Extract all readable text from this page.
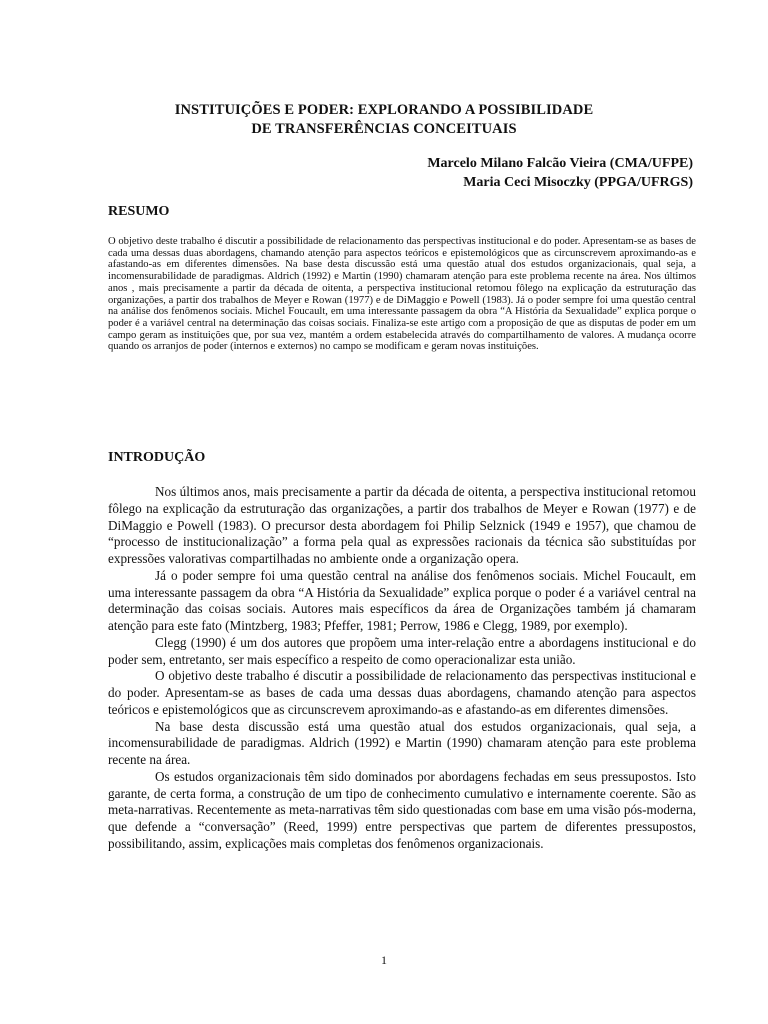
INSTITUIÇÕES E PODER: EXPLORANDO A POSSIBILIDADE
DE TRANSFERÊNCIAS CONCEITUAIS
Marcelo Milano Falcão Vieira (CMA/UFPE)
Maria Ceci Misoczky (PPGA/UFRGS)
RESUMO

O objetivo deste trabalho é discutir a possibilidade de relacionamento das perspectivas institucional e do poder. Apresentam-se as bases de cada uma dessas duas abordagens, chamando atenção para aspectos teóricos e epistemológicos que as circunscrevem aproximando-as e afastando-as em diferentes dimensões. Na base desta discussão está uma questão atual dos estudos organizacionais, qual seja, a incomensurabilidade de paradigmas. Aldrich (1992) e Martin (1990) chamaram atenção para este problema recente na área. Nos últimos anos , mais precisamente a partir da década de oitenta, a perspectiva institucional retomou fôlego na explicação da estruturação das organizações, a partir dos trabalhos de Meyer e Rowan (1977) e de DiMaggio e Powell (1983). Já o poder sempre foi uma questão central na análise dos fenômenos sociais. Michel Foucault, em uma interessante passagem da obra “A História da Sexualidade” explica porque o poder é a variável central na determinação das coisas sociais. Finaliza-se este artigo com a proposição de que as disputas de poder em um campo geram as instituições que, por sua vez, mantém a ordem estabelecida através do compartilhamento de valores. A mudança ocorre quando os arranjos de poder (internos e externos) no campo se modificam e geram novas instituições.

INTRODUÇÃO

Nos últimos anos, mais precisamente a partir da década de oitenta, a perspectiva institucional retomou fôlego na explicação da estruturação das organizações, a partir dos trabalhos de Meyer e Rowan (1977) e de DiMaggio e Powell (1983). O precursor desta abordagem foi Philip Selznick (1949 e 1957), que chamou de “processo de institucionalização” a forma pela qual as expressões racionais da técnica são substituídas por expressões valorativas compartilhadas no ambiente onde a organização opera.

Já o poder sempre foi uma questão central na análise dos fenômenos sociais. Michel Foucault, em uma interessante passagem da obra “A História da Sexualidade” explica porque o poder é a variável central na determinação das coisas sociais. Autores mais específicos da área de Organizações também já chamaram atenção para este fato (Mintzberg, 1983; Pfeffer, 1981; Perrow, 1986 e Clegg, 1989, por exemplo).

Clegg (1990) é um dos autores que propõem uma inter-relação entre a abordagens institucional e do poder sem, entretanto, ser mais específico a respeito de como operacionalizar esta união.

O objetivo deste trabalho é discutir a possibilidade de relacionamento das perspectivas institucional e do poder. Apresentam-se as bases de cada uma dessas duas abordagens, chamando atenção para aspectos teóricos e epistemológicos que as circunscrevem aproximando-as e afastando-as em diferentes dimensões.

Na base desta discussão está uma questão atual dos estudos organizacionais, qual seja, a incomensurabilidade de paradigmas. Aldrich (1992) e Martin (1990) chamaram atenção para este problema recente na área.

Os estudos organizacionais têm sido dominados por abordagens fechadas em seus pressupostos. Isto garante, de certa forma, a construção de um tipo de conhecimento cumulativo e internamente coerente. São as meta-narrativas. Recentemente as meta-narrativas têm sido questionadas com base em uma visão pós-moderna, que defende a “conversação” (Reed, 1999) entre perspectivas que partem de diferentes pressupostos, possibilitando, assim, explicações mais completas dos fenômenos organizacionais.

1
